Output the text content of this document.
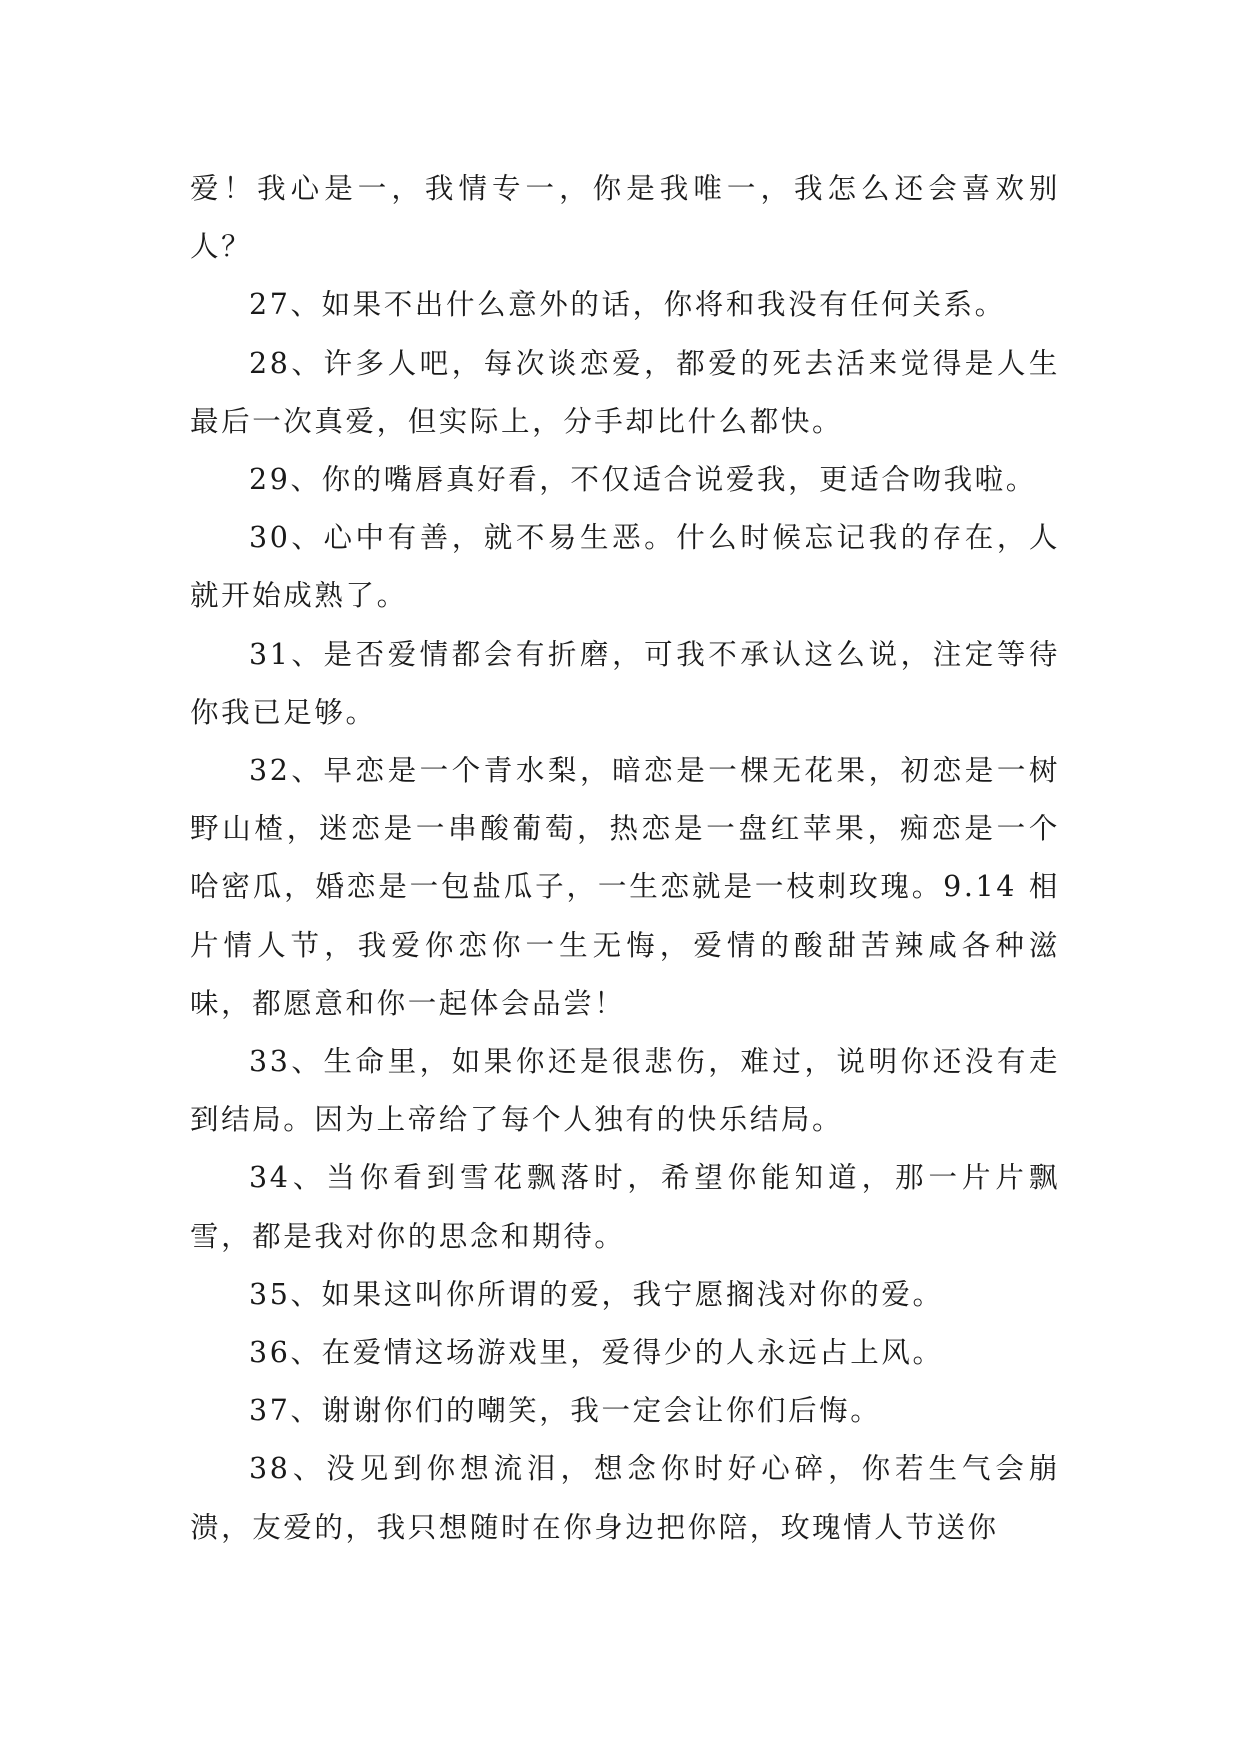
爱！我心是一，我情专一，你是我唯一，我怎么还会喜欢别人？

27、如果不出什么意外的话，你将和我没有任何关系。

28、许多人吧，每次谈恋爱，都爱的死去活来觉得是人生最后一次真爱，但实际上，分手却比什么都快。

29、你的嘴唇真好看，不仅适合说爱我，更适合吻我啦。

30、心中有善，就不易生恶。什么时候忘记我的存在，人就开始成熟了。

31、是否爱情都会有折磨，可我不承认这么说，注定等待你我已足够。

32、早恋是一个青水梨，暗恋是一棵无花果，初恋是一树野山楂，迷恋是一串酸葡萄，热恋是一盘红苹果，痴恋是一个哈密瓜，婚恋是一包盐瓜子，一生恋就是一枝刺玫瑰。9.14 相片情人节，我爱你恋你一生无悔，爱情的酸甜苦辣咸各种滋味，都愿意和你一起体会品尝！

33、生命里，如果你还是很悲伤，难过，说明你还没有走到结局。因为上帝给了每个人独有的快乐结局。

34、当你看到雪花飘落时，希望你能知道，那一片片飘雪，都是我对你的思念和期待。

35、如果这叫你所谓的爱，我宁愿搁浅对你的爱。

36、在爱情这场游戏里，爱得少的人永远占上风。

37、谢谢你们的嘲笑，我一定会让你们后悔。

38、没见到你想流泪，想念你时好心碎，你若生气会崩溃，友爱的，我只想随时在你身边把你陪，玫瑰情人节送你
